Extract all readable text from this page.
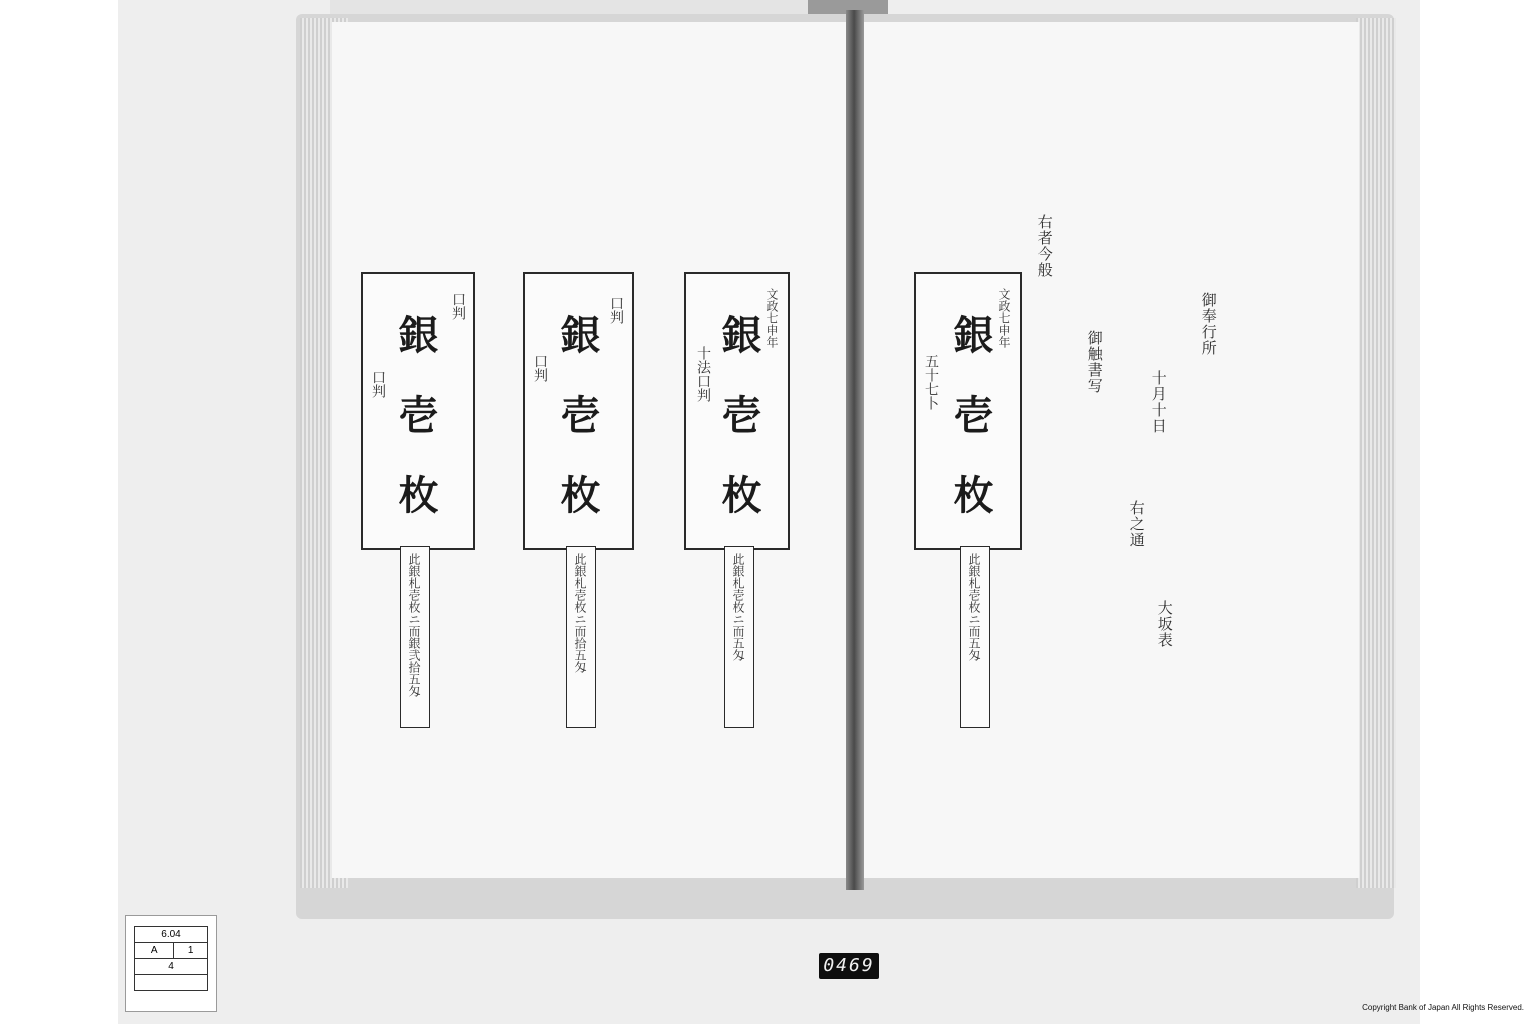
銀
壱
枚
口判
口判
此銀札壱枚ニ而銀弐拾五匁
銀
壱
枚
口判
口判
此銀札壱枚ニ而拾五匁
銀
壱
枚
文政七申年
十法口判
此銀札壱枚ニ而五匁
銀
壱
枚
文政七申年
五十七卜
此銀札壱枚ニ而五匁
右者今般
御触書写
右之通
大坂表
御奉行所
十月十日
6.04
A	1
4	0469
Copyright Bank of Japan All Rights Reserved.
